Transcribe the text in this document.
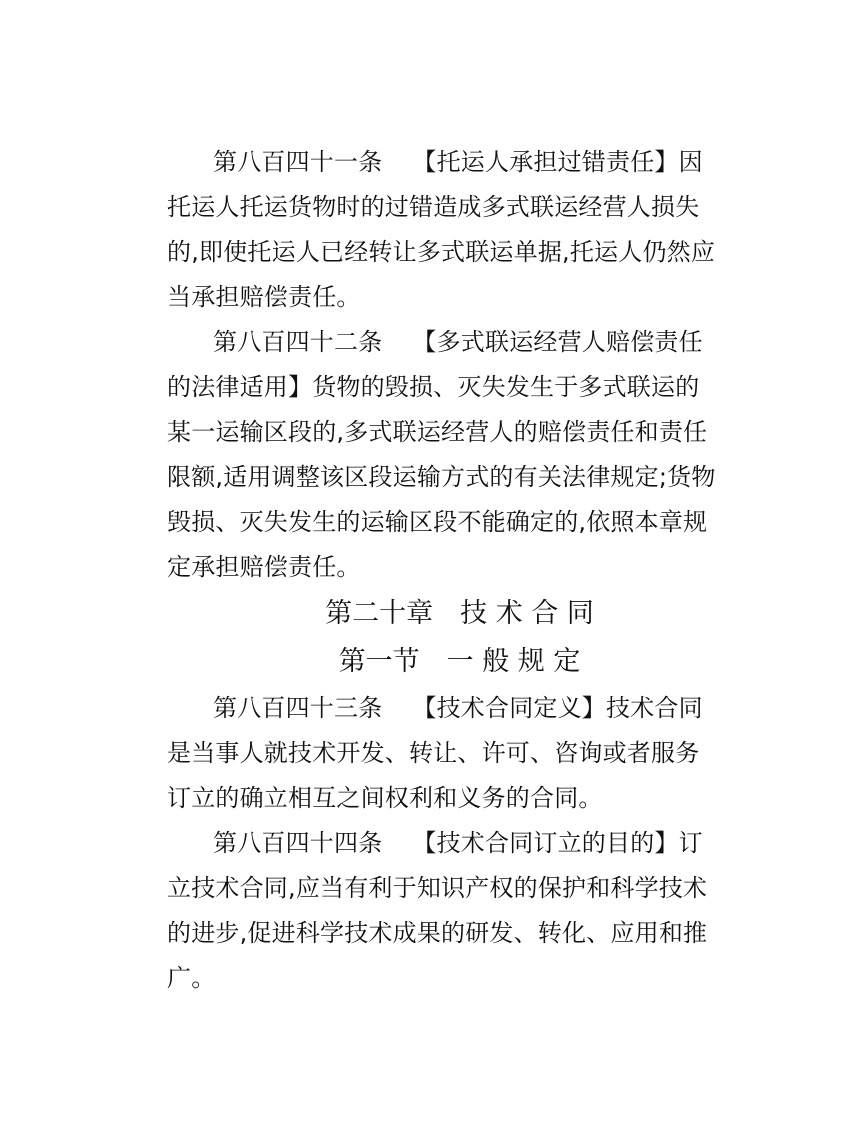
第八百四十一条 【托运人承担过错责任】因
托运人托运货物时的过错造成多式联运经营人损失
的,即使托运人已经转让多式联运单据,托运人仍然应
当承担赔偿责任。
第八百四十二条 【多式联运经营人赔偿责任
的法律适用】货物的毁损、灭失发生于多式联运的
某一运输区段的,多式联运经营人的赔偿责任和责任
限额,适用调整该区段运输方式的有关法律规定;货物
毁损、灭失发生的运输区段不能确定的,依照本章规
定承担赔偿责任。
第二十章　技 术 合 同
第一节　一 般 规 定
第八百四十三条 【技术合同定义】技术合同
是当事人就技术开发、转让、许可、咨询或者服务
订立的确立相互之间权利和义务的合同。
第八百四十四条 【技术合同订立的目的】订
立技术合同,应当有利于知识产权的保护和科学技术
的进步,促进科学技术成果的研发、转化、应用和推
广。
